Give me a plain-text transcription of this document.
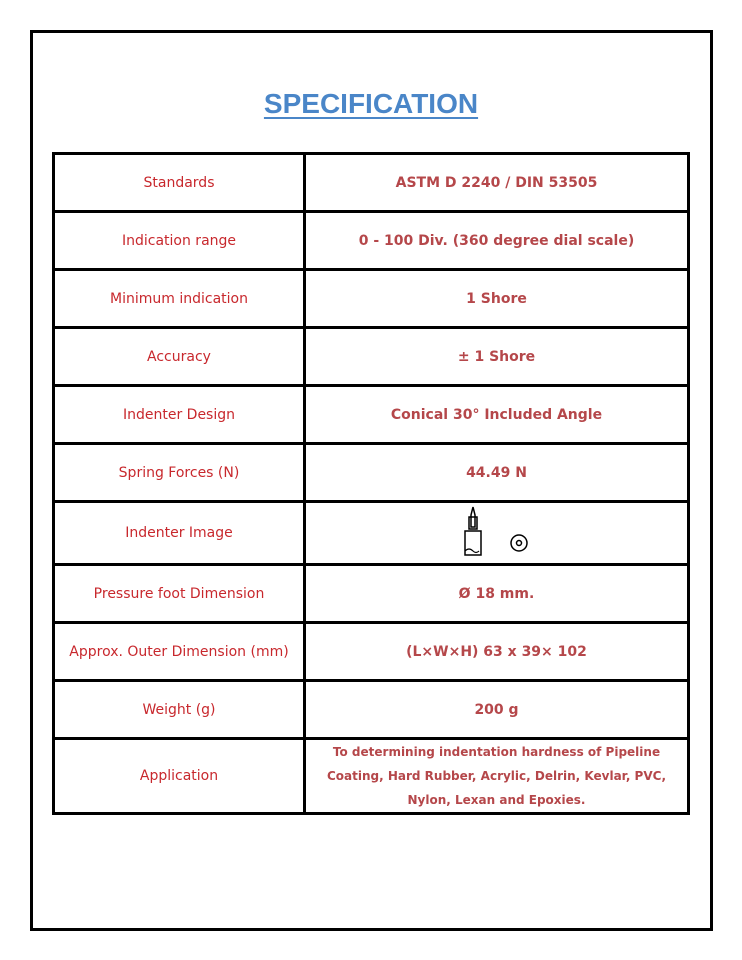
SPECIFICATION
Standards	ASTM D 2240 / DIN 53505
Indication range	0 - 100 Div. (360 degree dial scale)
Minimum indication	1 Shore
Accuracy	± 1 Shore
Indenter Design	Conical 30° Included Angle
Spring Forces (N)	44.49 N
Indenter Image	
Pressure foot Dimension	Ø 18 mm.
Approx. Outer Dimension (mm)	(L×W×H) 63 x 39× 102
Weight (g)	200 g
Application	To determining indentation hardness of Pipeline Coating, Hard Rubber, Acrylic, Delrin, Kevlar, PVC, Nylon, Lexan and Epoxies.
